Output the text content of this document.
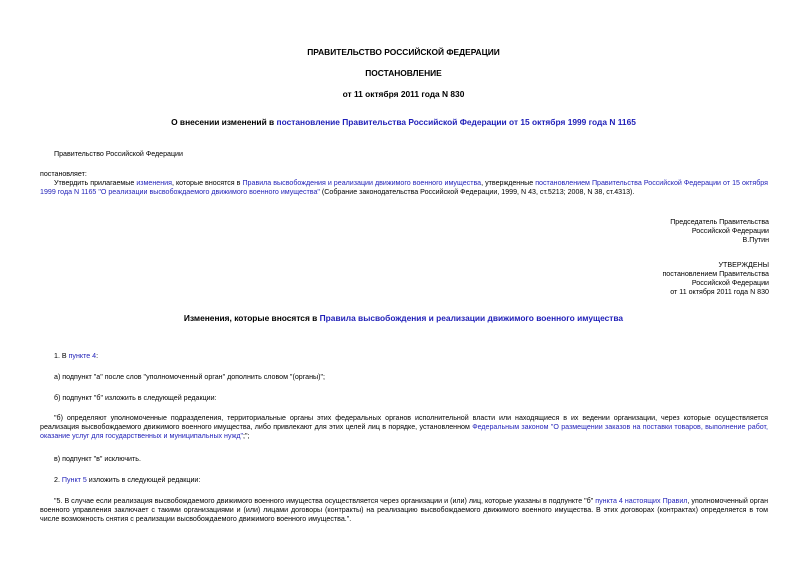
ПРАВИТЕЛЬСТВО РОССИЙСКОЙ ФЕДЕРАЦИИ
ПОСТАНОВЛЕНИЕ
от 11 октября 2011 года N 830
О внесении изменений в постановление Правительства Российской Федерации от 15 октября 1999 года N 1165
Правительство Российской Федерации
постановляет:
Утвердить прилагаемые изменения, которые вносятся в Правила высвобождения и реализации движимого военного имущества, утвержденные постановлением Правительства Российской Федерации от 15 октября 1999 года N 1165 "О реализации высвобождаемого движимого военного имущества" (Собрание законодательства Российской Федерации, 1999, N 43, ст.5213; 2008, N 38, ст.4313).

Председатель Правительства

Российской Федерации

В.Путин

УТВЕРЖДЕНЫ

постановлением Правительства

Российской Федерации

от 11 октября 2011 года N 830

Изменения, которые вносятся в Правила высвобождения и реализации движимого военного имущества
1. В пункте 4:
а) подпункт "а" после слов "уполномоченный орган" дополнить словом "(органы)";
б) подпункт "б" изложить в следующей редакции:
"б) определяют уполномоченные подразделения, территориальные органы этих федеральных органов исполнительной власти или находящиеся в их ведении организации, через которые осуществляется реализация высвобождаемого движимого военного имущества, либо привлекают для этих целей лиц в порядке, установленном Федеральным законом "О размещении заказов на поставки товаров, выполнение работ, оказание услуг для государственных и муниципальных нужд";";
в) подпункт "в" исключить.
2. Пункт 5 изложить в следующей редакции:
"5. В случае если реализация высвобождаемого движимого военного имущества осуществляется через организации и (или) лиц, которые указаны в подпункте "б" пункта 4 настоящих Правил, уполномоченный орган военного управления заключает с такими организациями и (или) лицами договоры (контракты) на реализацию высвобождаемого движимого военного имущества. В этих договорах (контрактах) определяется в том числе возможность снятия с реализации высвобождаемого движимого военного имущества.".
